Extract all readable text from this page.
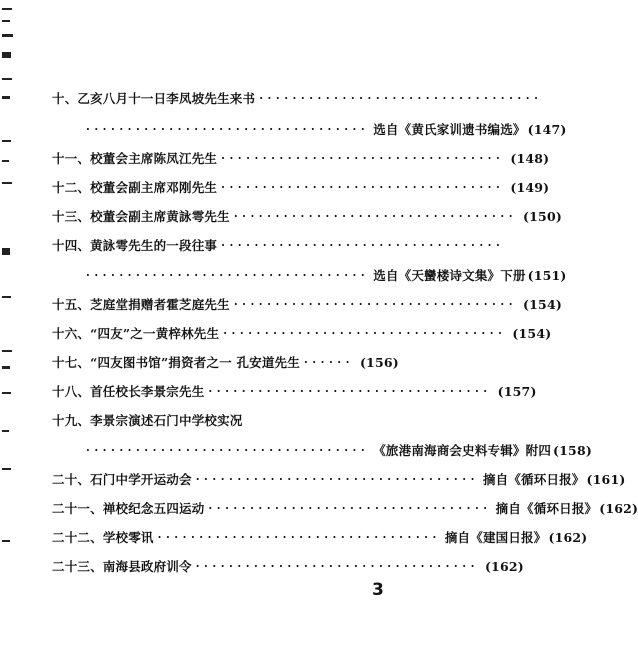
十、 乙亥八月十一日李凤坡先生来书 ··································
·································· 选自《黄氏家训遗书编选》 (147)
十一、 校董会主席陈凤江先生 ·································· (148)
十二、 校董会副主席邓刚先生 ·································· (149)
十三、 校董会副主席黄詠雩先生 ·································· (150)
十四、 黄詠雩先生的一段往事 ··································
·································· 选自《天蠻楼诗文集》下册 (151)
十五、 芝庭堂捐赠者霍芝庭先生 ·································· (154)
十六、 “四友”之一黄梓林先生 ·································· (154)
十七、 “四友图书馆”捐资者之一 孔安道先生 ······ (156)
十八、 首任校长李景宗先生 ·································· (157)
十九、 李景宗演述石门中学校实况
·································· 《旅港南海商会史料专辑》附四 (158)
二十、 石门中学开运动会 ·································· 摘自《循环日报》 (161)
二十一、 禅校纪念五四运动 ·································· 摘自《循环日报》 (162)
二十二、 学校零讯 ·································· 摘自《建国日报》 (162)
二十三、 南海县政府训令 ·································· (162)
3
